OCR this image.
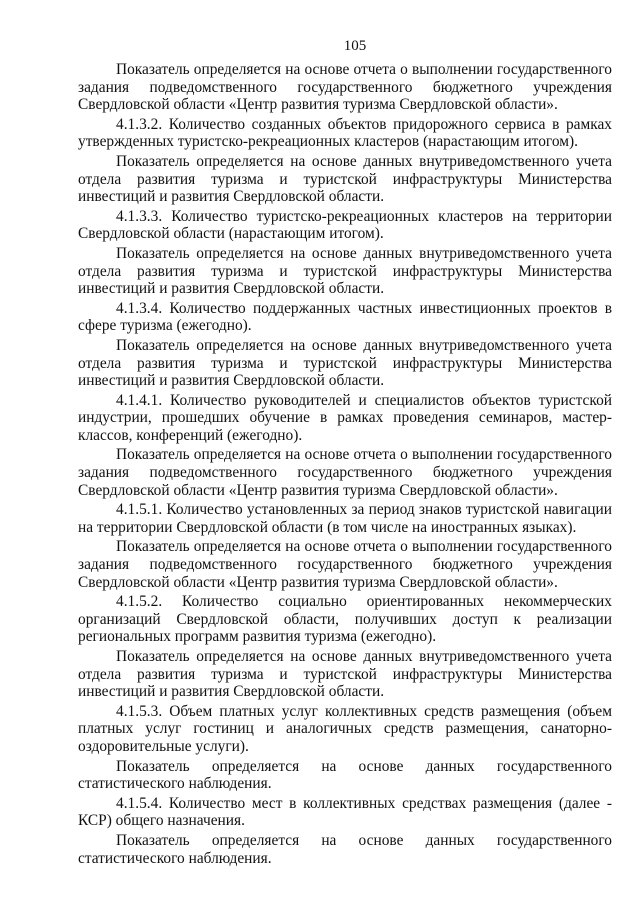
105

Показатель определяется на основе отчета о выполнении государственного задания подведомственного государственного бюджетного учреждения Свердловской области «Центр развития туризма Свердловской области».

4.1.3.2. Количество созданных объектов придорожного сервиса в рамках утвержденных туристско-рекреационных кластеров (нарастающим итогом).

Показатель определяется на основе данных внутриведомственного учета отдела развития туризма и туристской инфраструктуры Министерства инвестиций и развития Свердловской области.

4.1.3.3. Количество туристско-рекреационных кластеров на территории Свердловской области (нарастающим итогом).

Показатель определяется на основе данных внутриведомственного учета отдела развития туризма и туристской инфраструктуры Министерства инвестиций и развития Свердловской области.

4.1.3.4. Количество поддержанных частных инвестиционных проектов в сфере туризма (ежегодно).

Показатель определяется на основе данных внутриведомственного учета отдела развития туризма и туристской инфраструктуры Министерства инвестиций и развития Свердловской области.

4.1.4.1. Количество руководителей и специалистов объектов туристской индустрии, прошедших обучение в рамках проведения семинаров, мастер-классов, конференций (ежегодно).

Показатель определяется на основе отчета о выполнении государственного задания подведомственного государственного бюджетного учреждения Свердловской области «Центр развития туризма Свердловской области».

4.1.5.1. Количество установленных за период знаков туристской навигации на территории Свердловской области (в том числе на иностранных языках).

Показатель определяется на основе отчета о выполнении государственного задания подведомственного государственного бюджетного учреждения Свердловской области «Центр развития туризма Свердловской области».

4.1.5.2. Количество социально ориентированных некоммерческих организаций Свердловской области, получивших доступ к реализации региональных программ развития туризма (ежегодно).

Показатель определяется на основе данных внутриведомственного учета отдела развития туризма и туристской инфраструктуры Министерства инвестиций и развития Свердловской области.

4.1.5.3. Объем платных услуг коллективных средств размещения (объем платных услуг гостиниц и аналогичных средств размещения, санаторно-оздоровительные услуги).

Показатель определяется на основе данных государственного статистического наблюдения.

4.1.5.4. Количество мест в коллективных средствах размещения (далее - КСР) общего назначения.

Показатель определяется на основе данных государственного статистического наблюдения.
